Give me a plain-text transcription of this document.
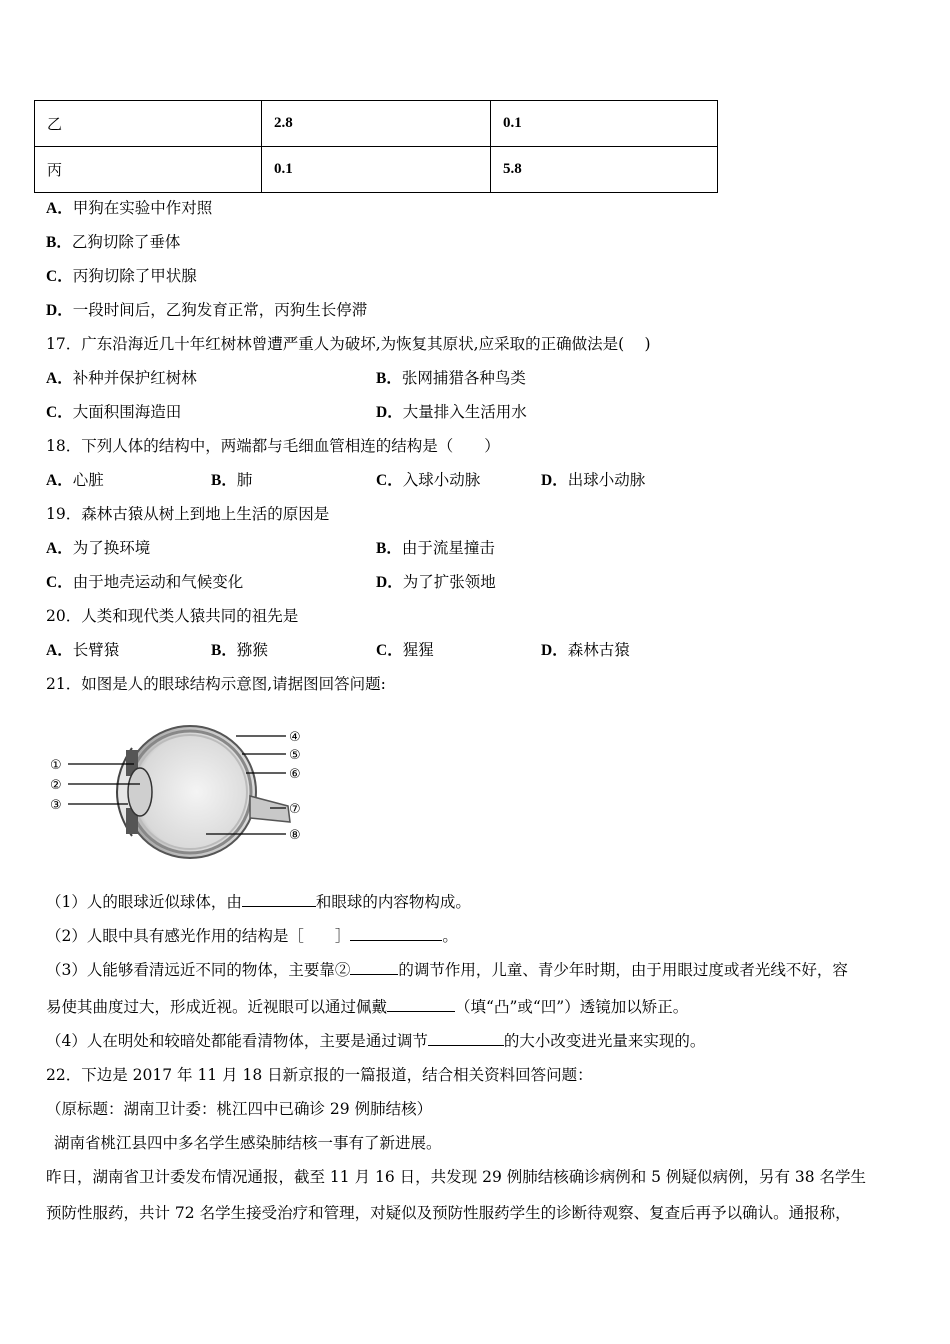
乙	2.8	0.1
丙	0.1	5.8
A．甲狗在实验中作对照
B．乙狗切除了垂体
C．丙狗切除了甲状腺
D．一段时间后，乙狗发育正常，丙狗生长停滞
17．广东沿海近几十年红树林曾遭严重人为破坏,为恢复其原状,应采取的正确做法是(　 )
A．补种并保护红树林	B．张网捕猎各种鸟类
C．大面积围海造田	D．大量排入生活用水
18．下列人体的结构中，两端都与毛细血管相连的结构是（　　）
A．心脏	B．肺	C．入球小动脉	D．出球小动脉
19．森林古猿从树上到地上生活的原因是
A．为了换环境	B．由于流星撞击
C．由于地壳运动和气候变化	D．为了扩张领地
20．人类和现代类人猿共同的祖先是
A．长臂猿	B．猕猴	C．猩猩	D．森林古猿
21．如图是人的眼球结构示意图,请据图回答问题:
①
②
③
④
⑤
⑥
⑦
⑧
（1）人的眼球近似球体，由	和眼球的内容物构成。
（2）人眼中具有感光作用的结构是［　　］	。
（3）人能够看清远近不同的物体，主要靠②	的调节作用，儿童、青少年时期，由于用眼过度或者光线不好，容
易使其曲度过大，形成近视。近视眼可以通过佩戴	（填“凸”或“凹”）透镜加以矫正。
（4）人在明处和较暗处都能看清物体，主要是通过调节	的大小改变进光量来实现的。
22．下边是 2017 年 11 月 18 日新京报的一篇报道，结合相关资料回答问题：
（原标题：湖南卫计委：桃江四中已确诊 29 例肺结核）
湖南省桃江县四中多名学生感染肺结核一事有了新进展。
昨日，湖南省卫计委发布情况通报，截至 11 月 16 日，共发现 29 例肺结核确诊病例和 5 例疑似病例，另有 38 名学生
预防性服药，共计 72 名学生接受治疗和管理，对疑似及预防性服药学生的诊断待观察、复查后再予以确认。通报称，
